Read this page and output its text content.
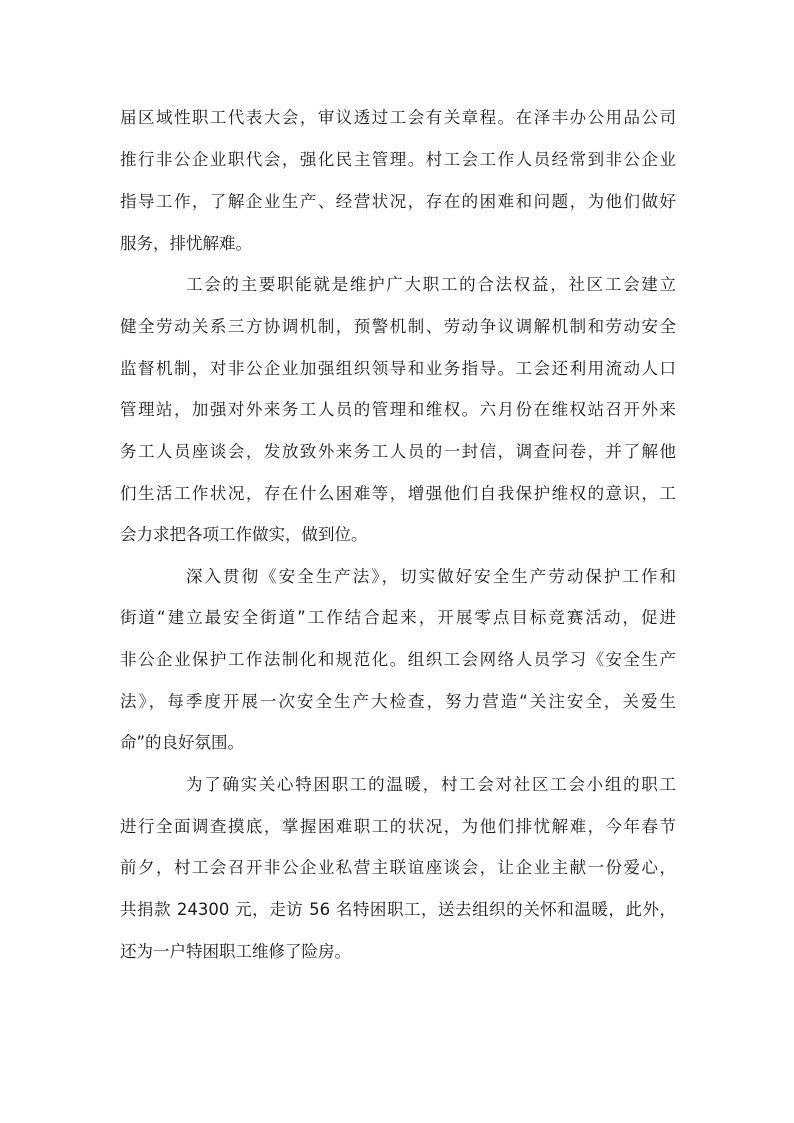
届区域性职工代表大会，审议透过工会有关章程。在泽丰办公用品公司
推行非公企业职代会，强化民主管理。村工会工作人员经常到非公企业
指导工作，了解企业生产、经营状况，存在的困难和问题，为他们做好
服务，排忧解难。
工会的主要职能就是维护广大职工的合法权益，社区工会建立
健全劳动关系三方协调机制，预警机制、劳动争议调解机制和劳动安全
监督机制，对非公企业加强组织领导和业务指导。工会还利用流动人口
管理站，加强对外来务工人员的管理和维权。六月份在维权站召开外来
务工人员座谈会，发放致外来务工人员的一封信，调查问卷，并了解他
们生活工作状况，存在什么困难等，增强他们自我保护维权的意识，工
会力求把各项工作做实，做到位。
深入贯彻《安全生产法》，切实做好安全生产劳动保护工作和
街道“建立最安全街道”工作结合起来，开展零点目标竞赛活动，促进
非公企业保护工作法制化和规范化。组织工会网络人员学习《安全生产
法》，每季度开展一次安全生产大检查，努力营造“关注安全，关爱生
命”的良好氛围。
为了确实关心特困职工的温暖，村工会对社区工会小组的职工
进行全面调查摸底，掌握困难职工的状况，为他们排忧解难，今年春节
前夕，村工会召开非公企业私营主联谊座谈会，让企业主献一份爱心，
共捐款 24300 元，走访 56 名特困职工，送去组织的关怀和温暖，此外，
还为一户特困职工维修了险房。
